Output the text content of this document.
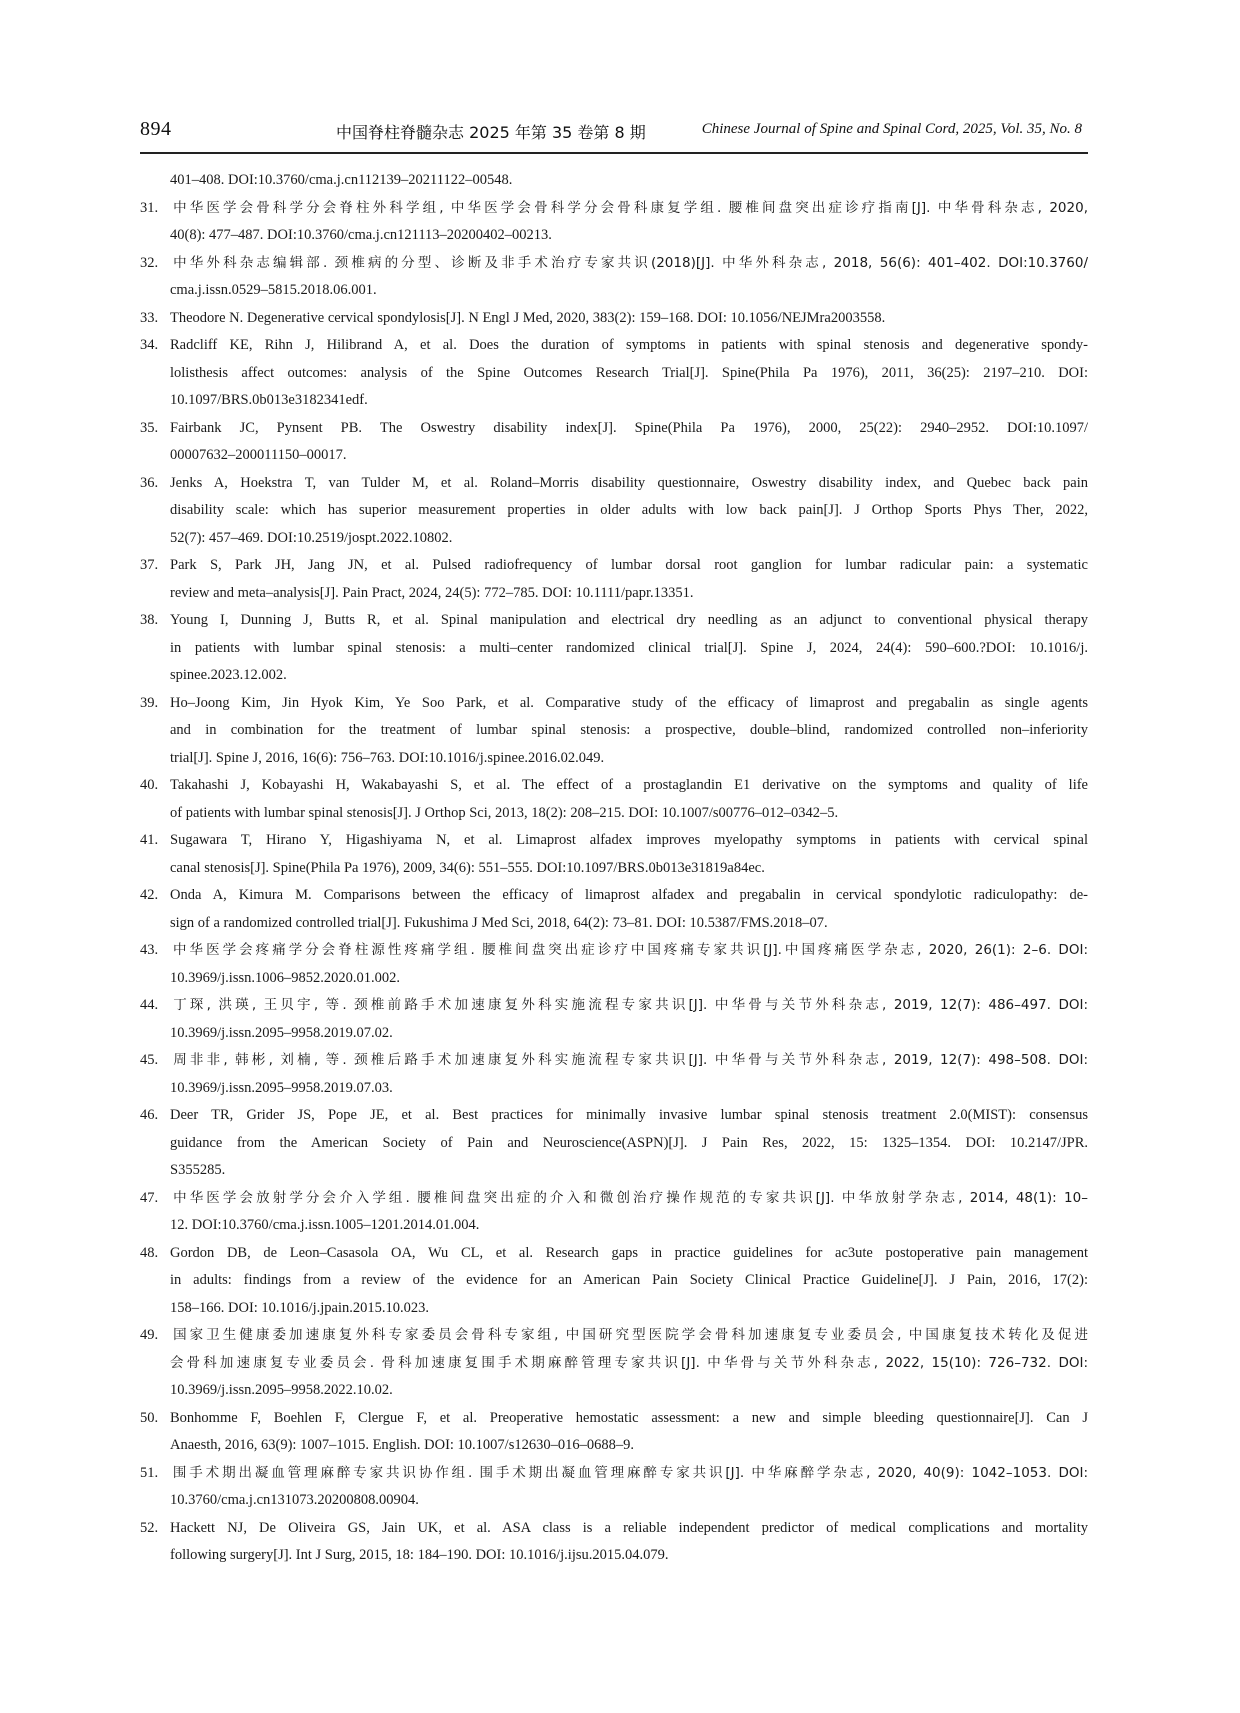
894	中国脊柱脊髓杂志 2025 年第 35 卷第 8 期	Chinese Journal of Spine and Spinal Cord, 2025, Vol. 35, No. 8
401–408. DOI:10.3760/cma.j.cn112139–20211122–00548.
31. 中华医学会骨科学分会脊柱外科学组, 中华医学会骨科学分会骨科康复学组. 腰椎间盘突出症诊疗指南[J]. 中华骨科杂志, 2020,
40(8): 477–487. DOI:10.3760/cma.j.cn121113–20200402–00213.
32. 中华外科杂志编辑部. 颈椎病的分型、诊断及非手术治疗专家共识(2018)[J]. 中华外科杂志, 2018, 56(6): 401–402. DOI:10.3760/
cma.j.issn.0529–5815.2018.06.001.
33. Theodore N. Degenerative cervical spondylosis[J]. N Engl J Med, 2020, 383(2): 159–168. DOI: 10.1056/NEJMra2003558.
34. Radcliff KE, Rihn J, Hilibrand A, et al. Does the duration of symptoms in patients with spinal stenosis and degenerative spondy-
lolisthesis affect outcomes: analysis of the Spine Outcomes Research Trial[J]. Spine(Phila Pa 1976), 2011, 36(25): 2197–210. DOI:
10.1097/BRS.0b013e3182341edf.
35. Fairbank JC, Pynsent PB. The Oswestry disability index[J]. Spine(Phila Pa 1976), 2000, 25(22): 2940–2952. DOI:10.1097/
00007632–200011150–00017.
36. Jenks A, Hoekstra T, van Tulder M, et al. Roland–Morris disability questionnaire, Oswestry disability index, and Quebec back pain
disability scale: which has superior measurement properties in older adults with low back pain[J]. J Orthop Sports Phys Ther, 2022,
52(7): 457–469. DOI:10.2519/jospt.2022.10802.
37. Park S, Park JH, Jang JN, et al. Pulsed radiofrequency of lumbar dorsal root ganglion for lumbar radicular pain: a systematic
review and meta–analysis[J]. Pain Pract, 2024, 24(5): 772–785. DOI: 10.1111/papr.13351.
38. Young I, Dunning J, Butts R, et al. Spinal manipulation and electrical dry needling as an adjunct to conventional physical therapy
in patients with lumbar spinal stenosis: a multi–center randomized clinical trial[J]. Spine J, 2024, 24(4): 590–600.?DOI: 10.1016/j.
spinee.2023.12.002.
39. Ho–Joong Kim, Jin Hyok Kim, Ye Soo Park, et al. Comparative study of the efficacy of limaprost and pregabalin as single agents
and in combination for the treatment of lumbar spinal stenosis: a prospective, double–blind, randomized controlled non–inferiority
trial[J]. Spine J, 2016, 16(6): 756–763. DOI:10.1016/j.spinee.2016.02.049.
40. Takahashi J, Kobayashi H, Wakabayashi S, et al. The effect of a prostaglandin E1 derivative on the symptoms and quality of life
of patients with lumbar spinal stenosis[J]. J Orthop Sci, 2013, 18(2): 208–215. DOI: 10.1007/s00776–012–0342–5.
41. Sugawara T, Hirano Y, Higashiyama N, et al. Limaprost alfadex improves myelopathy symptoms in patients with cervical spinal
canal stenosis[J]. Spine(Phila Pa 1976), 2009, 34(6): 551–555. DOI:10.1097/BRS.0b013e31819a84ec.
42. Onda A, Kimura M. Comparisons between the efficacy of limaprost alfadex and pregabalin in cervical spondylotic radiculopathy: de-
sign of a randomized controlled trial[J]. Fukushima J Med Sci, 2018, 64(2): 73–81. DOI: 10.5387/FMS.2018–07.
43. 中华医学会疼痛学分会脊柱源性疼痛学组. 腰椎间盘突出症诊疗中国疼痛专家共识[J].中国疼痛医学杂志, 2020, 26(1): 2–6. DOI:
10.3969/j.issn.1006–9852.2020.01.002.
44. 丁琛, 洪瑛, 王贝宇, 等. 颈椎前路手术加速康复外科实施流程专家共识[J]. 中华骨与关节外科杂志, 2019, 12(7): 486–497. DOI:
10.3969/j.issn.2095–9958.2019.07.02.
45. 周非非, 韩彬, 刘楠, 等. 颈椎后路手术加速康复外科实施流程专家共识[J]. 中华骨与关节外科杂志, 2019, 12(7): 498–508. DOI:
10.3969/j.issn.2095–9958.2019.07.03.
46. Deer TR, Grider JS, Pope JE, et al. Best practices for minimally invasive lumbar spinal stenosis treatment 2.0(MIST): consensus
guidance from the American Society of Pain and Neuroscience(ASPN)[J]. J Pain Res, 2022, 15: 1325–1354. DOI: 10.2147/JPR.
S355285.
47. 中华医学会放射学分会介入学组. 腰椎间盘突出症的介入和微创治疗操作规范的专家共识[J]. 中华放射学杂志, 2014, 48(1): 10–
12. DOI:10.3760/cma.j.issn.1005–1201.2014.01.004.
48. Gordon DB, de Leon–Casasola OA, Wu CL, et al. Research gaps in practice guidelines for ac3ute postoperative pain management
in adults: findings from a review of the evidence for an American Pain Society Clinical Practice Guideline[J]. J Pain, 2016, 17(2):
158–166. DOI: 10.1016/j.jpain.2015.10.023.
49. 国家卫生健康委加速康复外科专家委员会骨科专家组, 中国研究型医院学会骨科加速康复专业委员会, 中国康复技术转化及促进
会骨科加速康复专业委员会. 骨科加速康复围手术期麻醉管理专家共识[J]. 中华骨与关节外科杂志, 2022, 15(10): 726–732. DOI:
10.3969/j.issn.2095–9958.2022.10.02.
50. Bonhomme F, Boehlen F, Clergue F, et al. Preoperative hemostatic assessment: a new and simple bleeding questionnaire[J]. Can J
Anaesth, 2016, 63(9): 1007–1015. English. DOI: 10.1007/s12630–016–0688–9.
51. 围手术期出凝血管理麻醉专家共识协作组. 围手术期出凝血管理麻醉专家共识[J]. 中华麻醉学杂志, 2020, 40(9): 1042–1053. DOI:
10.3760/cma.j.cn131073.20200808.00904.
52. Hackett NJ, De Oliveira GS, Jain UK, et al. ASA class is a reliable independent predictor of medical complications and mortality
following surgery[J]. Int J Surg, 2015, 18: 184–190. DOI: 10.1016/j.ijsu.2015.04.079.
